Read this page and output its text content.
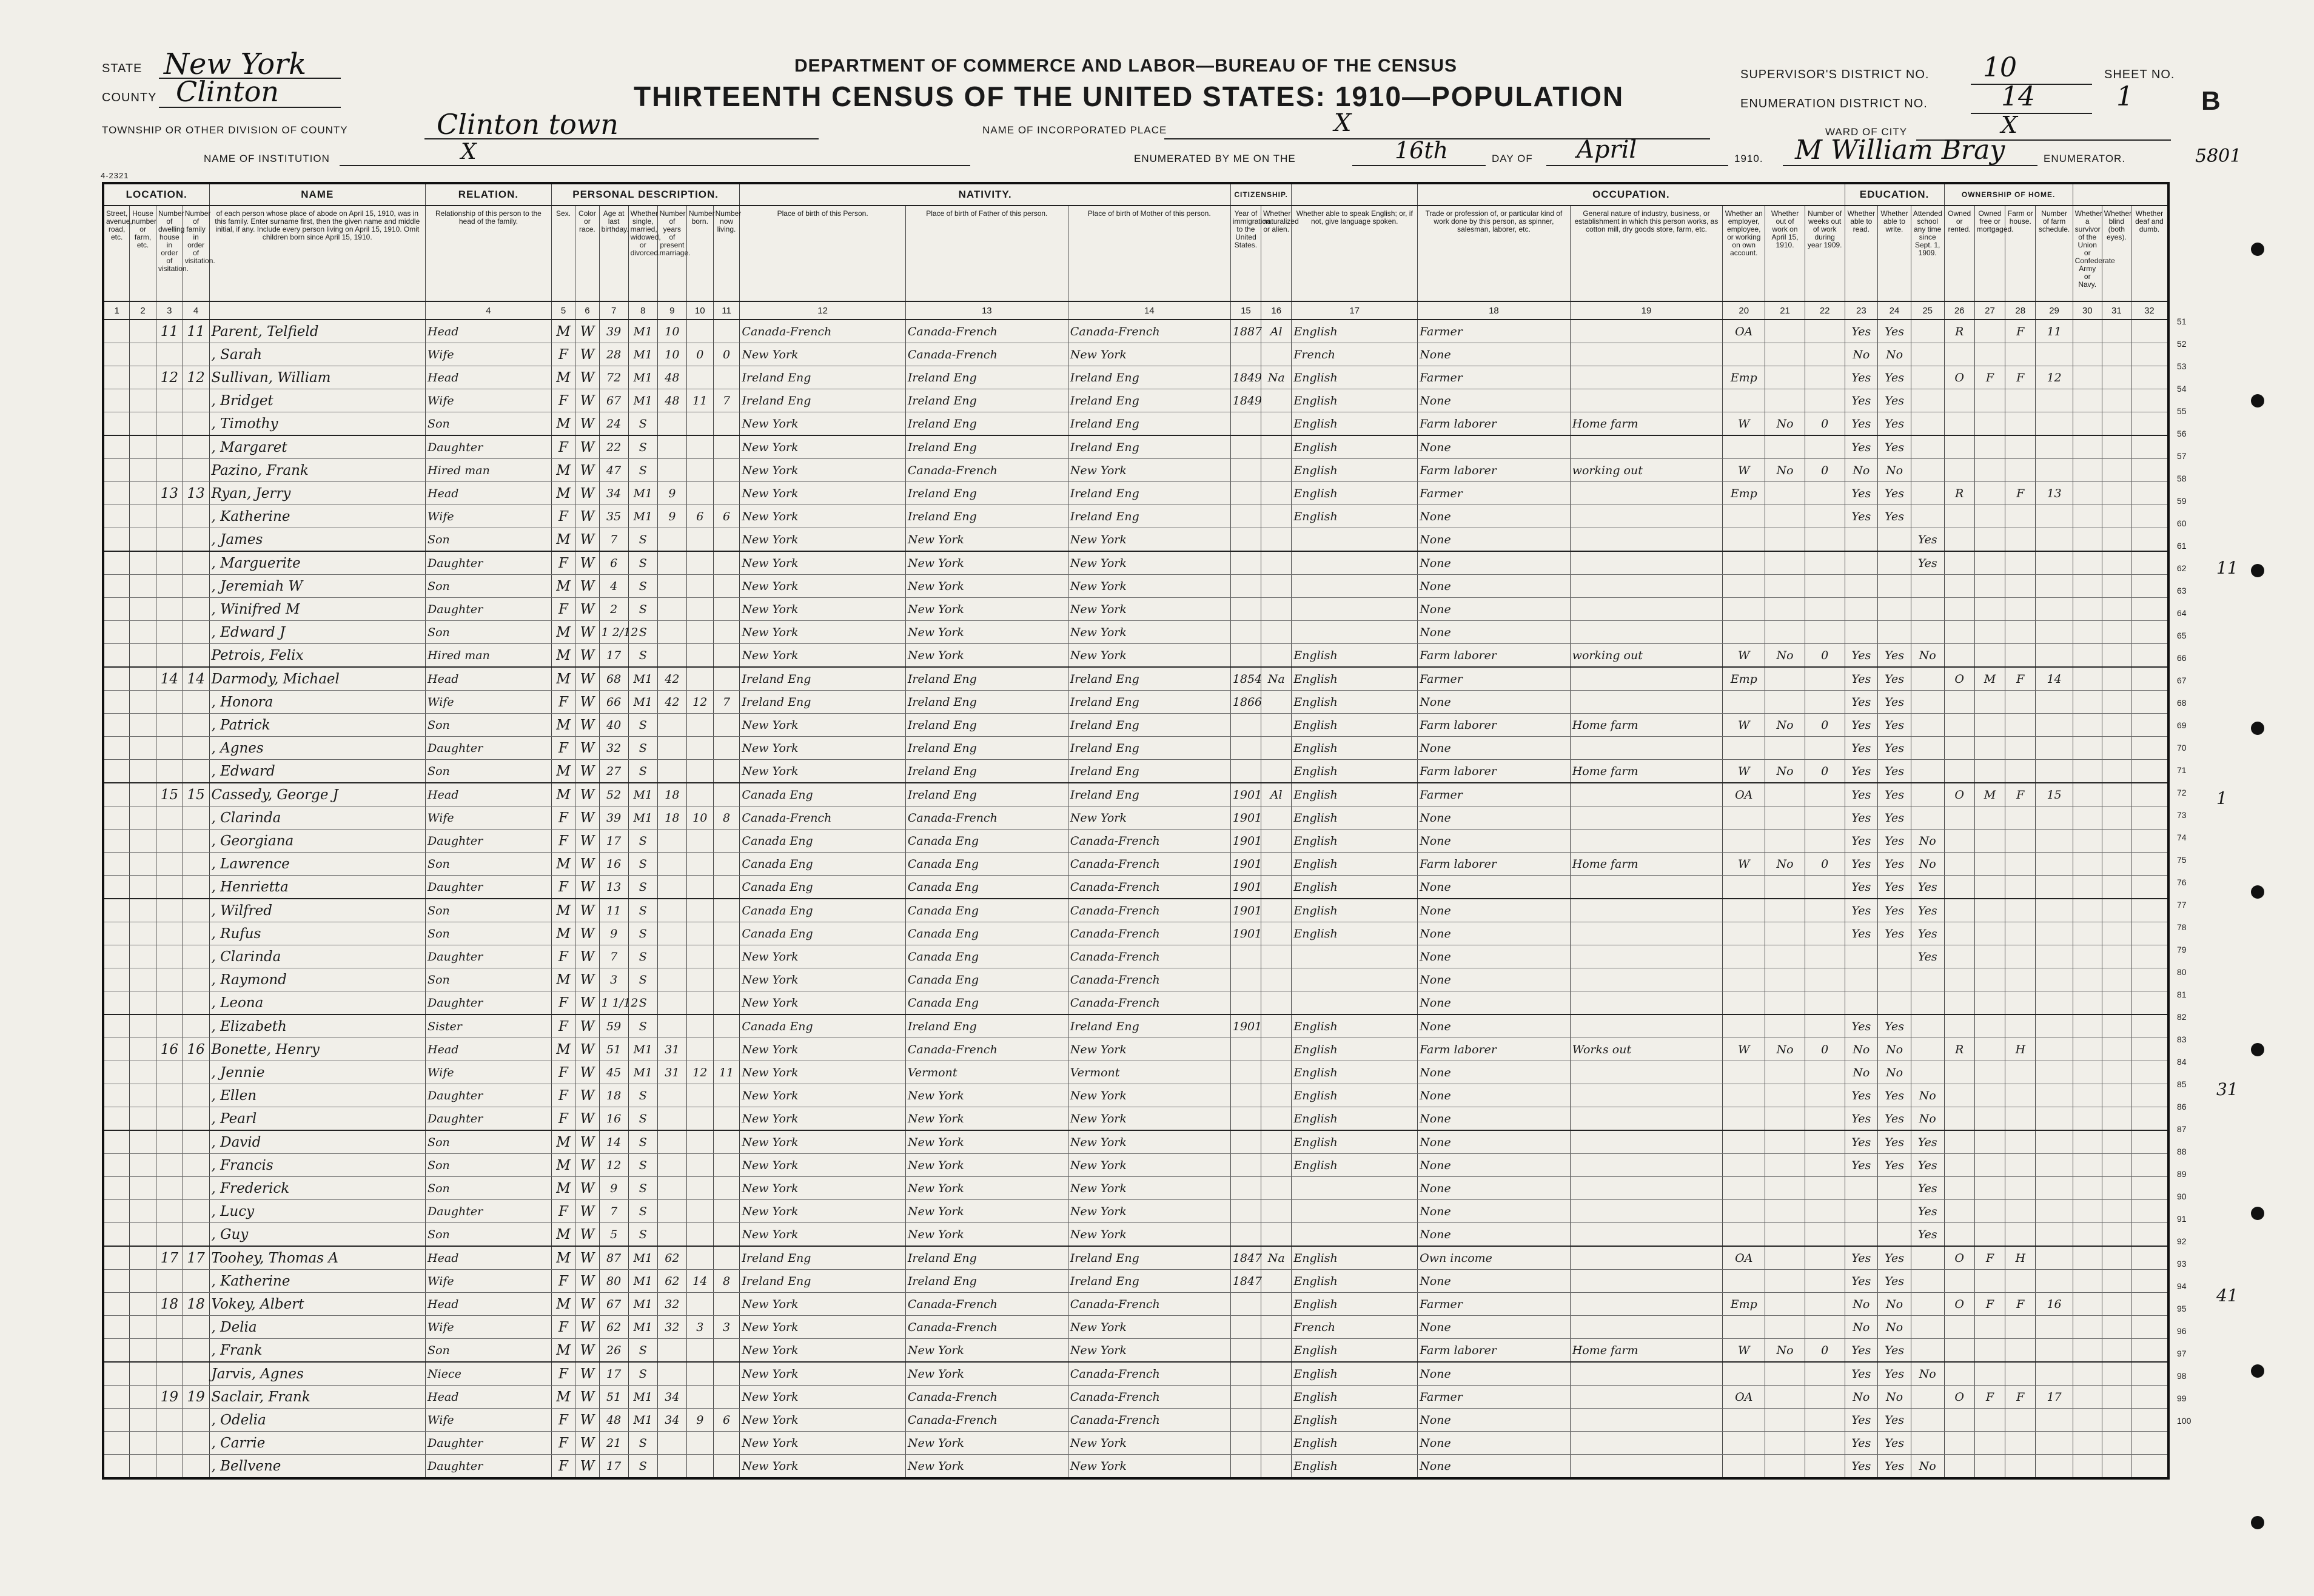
STATE New York
COUNTY Clinton
TOWNSHIP OR OTHER DIVISION OF COUNTY	Clinton town	NAME OF INCORPORATED PLACE	X
NAME OF INSTITUTION	X
DEPARTMENT OF COMMERCE AND LABOR—BUREAU OF THE CENSUS
THIRTEENTH CENSUS OF THE UNITED STATES: 1910—POPULATION
4-2321
SUPERVISOR'S DISTRICT NO. 10
ENUMERATION DISTRICT NO.	14
SHEET NO.
1	B
WARD OF CITY	X
ENUMERATED BY ME ON THE	16th	DAY OF April	1910. M William Bray	ENUMERATOR.	5801
LOCATION.				NAME	RELATION.	PERSONAL DESCRIPTION.							NATIVITY.			CITIZENSHIP.			OCCUPATION.					EDUCATION.			OWNERSHIP OF HOME.						
Street, avenue, road, etc.	House number or farm, etc.	Number of dwelling house in order of visitation.	Number of family in order of visitation.	of each person whose place of abode on April 15, 1910, was in this family. Enter surname first, then the given name and middle initial, if any. Include every person living on April 15, 1910. Omit children born since April 15, 1910.	Relationship of this person to the head of the family.	Sex.	Color or race.	Age at last birthday.	Whether single, married, widowed, or divorced.	Number of years of present marriage.	Number born.	Number now living.	Place of birth of this Person.	Place of birth of Father of this person.	Place of birth of Mother of this person.	Year of immigration to the United States.	Whether naturalized or alien.	Whether able to speak English; or, if not, give language spoken.	Trade or profession of, or particular kind of work done by this person, as spinner, salesman, laborer, etc.	General nature of industry, business, or establishment in which this person works, as cotton mill, dry goods store, farm, etc.	Whether an employer, employee, or working on own account.	Whether out of work on April 15, 1910.	Number of weeks out of work during year 1909.	Whether able to read.	Whether able to write.	Attended school any time since Sept. 1, 1909.	Owned or rented.	Owned free or mortgaged.	Farm or house.	Number of farm schedule.	Whether a survivor of the Union or Confederate Army or Navy.	Whether blind (both eyes).	Whether deaf and dumb.
1	2	3	4		4	5	6	7	8	9	10	11	12	13	14	15	16	17	18	19	20	21	22	23	24	25	26	27	28	29	30	31	32
		11	11	Parent, Telfield	Head	M	W	39	M1	10			Canada-French	Canada-French	Canada-French	1887	Al	English	Farmer		OA			Yes	Yes		R		F	11			
				, Sarah	Wife	F	W	28	M1	10	0	0	New York	Canada-French	New York			French	None					No	No								
		12	12	Sullivan, William	Head	M	W	72	M1	48			Ireland Eng	Ireland Eng	Ireland Eng	1849	Na	English	Farmer		Emp			Yes	Yes		O	F	F	12			
				, Bridget	Wife	F	W	67	M1	48	11	7	Ireland Eng	Ireland Eng	Ireland Eng	1849		English	None					Yes	Yes								
				, Timothy	Son	M	W	24	S				New York	Ireland Eng	Ireland Eng			English	Farm laborer	Home farm	W	No	0	Yes	Yes								
				, Margaret	Daughter	F	W	22	S				New York	Ireland Eng	Ireland Eng			English	None					Yes	Yes								
				Pazino, Frank	Hired man	M	W	47	S				New York	Canada-French	New York			English	Farm laborer	working out	W	No	0	No	No								
		13	13	Ryan, Jerry	Head	M	W	34	M1	9			New York	Ireland Eng	Ireland Eng			English	Farmer		Emp			Yes	Yes		R		F	13			
				, Katherine	Wife	F	W	35	M1	9	6	6	New York	Ireland Eng	Ireland Eng			English	None					Yes	Yes								
				, James	Son	M	W	7	S				New York	New York	New York				None							Yes							
				, Marguerite	Daughter	F	W	6	S				New York	New York	New York				None							Yes							
				, Jeremiah W	Son	M	W	4	S				New York	New York	New York				None														
				, Winifred M	Daughter	F	W	2	S				New York	New York	New York				None														
				, Edward J	Son	M	W	1 2/12	S				New York	New York	New York				None														
				Petrois, Felix	Hired man	M	W	17	S				New York	New York	New York			English	Farm laborer	working out	W	No	0	Yes	Yes	No							
		14	14	Darmody, Michael	Head	M	W	68	M1	42			Ireland Eng	Ireland Eng	Ireland Eng	1854	Na	English	Farmer		Emp			Yes	Yes		O	M	F	14			
				, Honora	Wife	F	W	66	M1	42	12	7	Ireland Eng	Ireland Eng	Ireland Eng	1866		English	None					Yes	Yes								
				, Patrick	Son	M	W	40	S				New York	Ireland Eng	Ireland Eng			English	Farm laborer	Home farm	W	No	0	Yes	Yes								
				, Agnes	Daughter	F	W	32	S				New York	Ireland Eng	Ireland Eng			English	None					Yes	Yes								
				, Edward	Son	M	W	27	S				New York	Ireland Eng	Ireland Eng			English	Farm laborer	Home farm	W	No	0	Yes	Yes								
		15	15	Cassedy, George J	Head	M	W	52	M1	18			Canada Eng	Ireland Eng	Ireland Eng	1901	Al	English	Farmer		OA			Yes	Yes		O	M	F	15			
				, Clarinda	Wife	F	W	39	M1	18	10	8	Canada-French	Canada-French	New York	1901		English	None					Yes	Yes								
				, Georgiana	Daughter	F	W	17	S				Canada Eng	Canada Eng	Canada-French	1901		English	None					Yes	Yes	No							
				, Lawrence	Son	M	W	16	S				Canada Eng	Canada Eng	Canada-French	1901		English	Farm laborer	Home farm	W	No	0	Yes	Yes	No							
				, Henrietta	Daughter	F	W	13	S				Canada Eng	Canada Eng	Canada-French	1901		English	None					Yes	Yes	Yes							
				, Wilfred	Son	M	W	11	S				Canada Eng	Canada Eng	Canada-French	1901		English	None					Yes	Yes	Yes							
				, Rufus	Son	M	W	9	S				Canada Eng	Canada Eng	Canada-French	1901		English	None					Yes	Yes	Yes							
				, Clarinda	Daughter	F	W	7	S				New York	Canada Eng	Canada-French				None							Yes							
				, Raymond	Son	M	W	3	S				New York	Canada Eng	Canada-French				None														
				, Leona	Daughter	F	W	1 1/12	S				New York	Canada Eng	Canada-French				None														
				, Elizabeth	Sister	F	W	59	S				Canada Eng	Ireland Eng	Ireland Eng	1901		English	None					Yes	Yes								
		16	16	Bonette, Henry	Head	M	W	51	M1	31			New York	Canada-French	New York			English	Farm laborer	Works out	W	No	0	No	No		R		H				
				, Jennie	Wife	F	W	45	M1	31	12	11	New York	Vermont	Vermont			English	None					No	No								
				, Ellen	Daughter	F	W	18	S				New York	New York	New York			English	None					Yes	Yes	No							
				, Pearl	Daughter	F	W	16	S				New York	New York	New York			English	None					Yes	Yes	No							
				, David	Son	M	W	14	S				New York	New York	New York			English	None					Yes	Yes	Yes							
				, Francis	Son	M	W	12	S				New York	New York	New York			English	None					Yes	Yes	Yes							
				, Frederick	Son	M	W	9	S				New York	New York	New York				None							Yes							
				, Lucy	Daughter	F	W	7	S				New York	New York	New York				None							Yes							
				, Guy	Son	M	W	5	S				New York	New York	New York				None							Yes							
		17	17	Toohey, Thomas A	Head	M	W	87	M1	62			Ireland Eng	Ireland Eng	Ireland Eng	1847	Na	English	Own income		OA			Yes	Yes		O	F	H				
				, Katherine	Wife	F	W	80	M1	62	14	8	Ireland Eng	Ireland Eng	Ireland Eng	1847		English	None					Yes	Yes								
		18	18	Vokey, Albert	Head	M	W	67	M1	32			New York	Canada-French	Canada-French			English	Farmer		Emp			No	No		O	F	F	16			
				, Delia	Wife	F	W	62	M1	32	3	3	New York	Canada-French	New York			French	None					No	No								
				, Frank	Son	M	W	26	S				New York	New York	New York			English	Farm laborer	Home farm	W	No	0	Yes	Yes								
				Jarvis, Agnes	Niece	F	W	17	S				New York	New York	Canada-French			English	None					Yes	Yes	No							
		19	19	Saclair, Frank	Head	M	W	51	M1	34			New York	Canada-French	Canada-French			English	Farmer		OA			No	No		O	F	F	17			
				, Odelia	Wife	F	W	48	M1	34	9	6	New York	Canada-French	Canada-French			English	None					Yes	Yes								
				, Carrie	Daughter	F	W	21	S				New York	New York	New York			English	None					Yes	Yes								
				, Bellvene	Daughter	F	W	17	S				New York	New York	New York			English	None					Yes	Yes	No							
11
1
31
41
51
52
53
54
55
56
57
58
59
60
61
62
63
64
65
66
67
68
69
70
71
72
73
74
75
76
77
78
79
80
81
82
83
84
85
86
87
88
89
90
91
92
93
94
95
96
97
98
99
100
